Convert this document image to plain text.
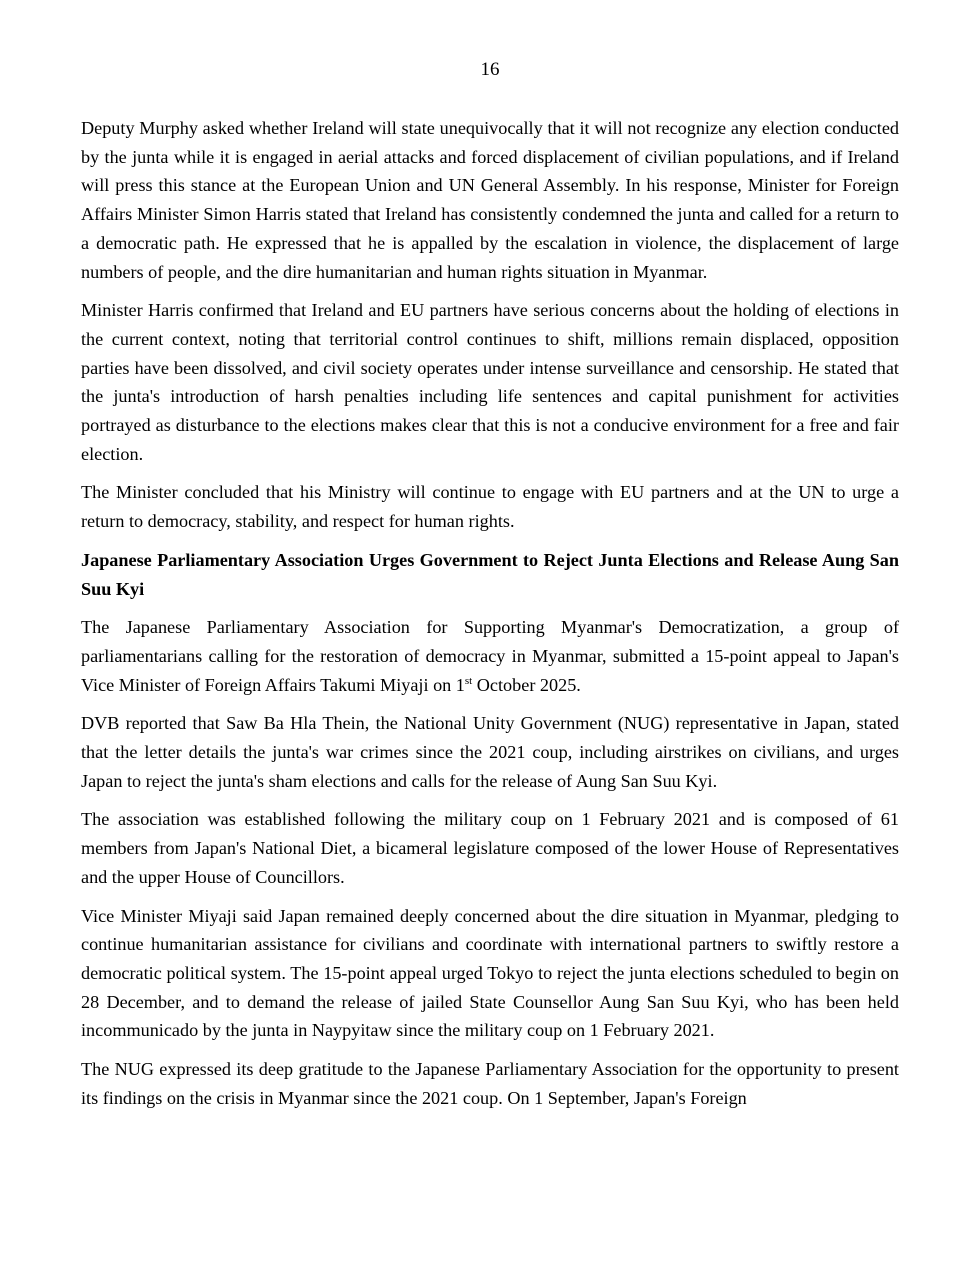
16

Deputy Murphy asked whether Ireland will state unequivocally that it will not recognize any election conducted by the junta while it is engaged in aerial attacks and forced displacement of civilian populations, and if Ireland will press this stance at the European Union and UN General Assembly. In his response, Minister for Foreign Affairs Minister Simon Harris stated that Ireland has consistently condemned the junta and called for a return to a democratic path. He expressed that he is appalled by the escalation in violence, the displacement of large numbers of people, and the dire humanitarian and human rights situation in Myanmar.

Minister Harris confirmed that Ireland and EU partners have serious concerns about the holding of elections in the current context, noting that territorial control continues to shift, millions remain displaced, opposition parties have been dissolved, and civil society operates under intense surveillance and censorship. He stated that the junta's introduction of harsh penalties including life sentences and capital punishment for activities portrayed as disturbance to the elections makes clear that this is not a conducive environment for a free and fair election.

The Minister concluded that his Ministry will continue to engage with EU partners and at the UN to urge a return to democracy, stability, and respect for human rights.

Japanese Parliamentary Association Urges Government to Reject Junta Elections and Release Aung San Suu Kyi

The Japanese Parliamentary Association for Supporting Myanmar's Democratization, a group of parliamentarians calling for the restoration of democracy in Myanmar, submitted a 15-point appeal to Japan's Vice Minister of Foreign Affairs Takumi Miyaji on 1st October 2025.

DVB reported that Saw Ba Hla Thein, the National Unity Government (NUG) representative in Japan, stated that the letter details the junta's war crimes since the 2021 coup, including airstrikes on civilians, and urges Japan to reject the junta's sham elections and calls for the release of Aung San Suu Kyi.

The association was established following the military coup on 1 February 2021 and is composed of 61 members from Japan's National Diet, a bicameral legislature composed of the lower House of Representatives and the upper House of Councillors.

Vice Minister Miyaji said Japan remained deeply concerned about the dire situation in Myanmar, pledging to continue humanitarian assistance for civilians and coordinate with international partners to swiftly restore a democratic political system. The 15-point appeal urged Tokyo to reject the junta elections scheduled to begin on 28 December, and to demand the release of jailed State Counsellor Aung San Suu Kyi, who has been held incommunicado by the junta in Naypyitaw since the military coup on 1 February 2021.

The NUG expressed its deep gratitude to the Japanese Parliamentary Association for the opportunity to present its findings on the crisis in Myanmar since the 2021 coup. On 1 September, Japan's Foreign
